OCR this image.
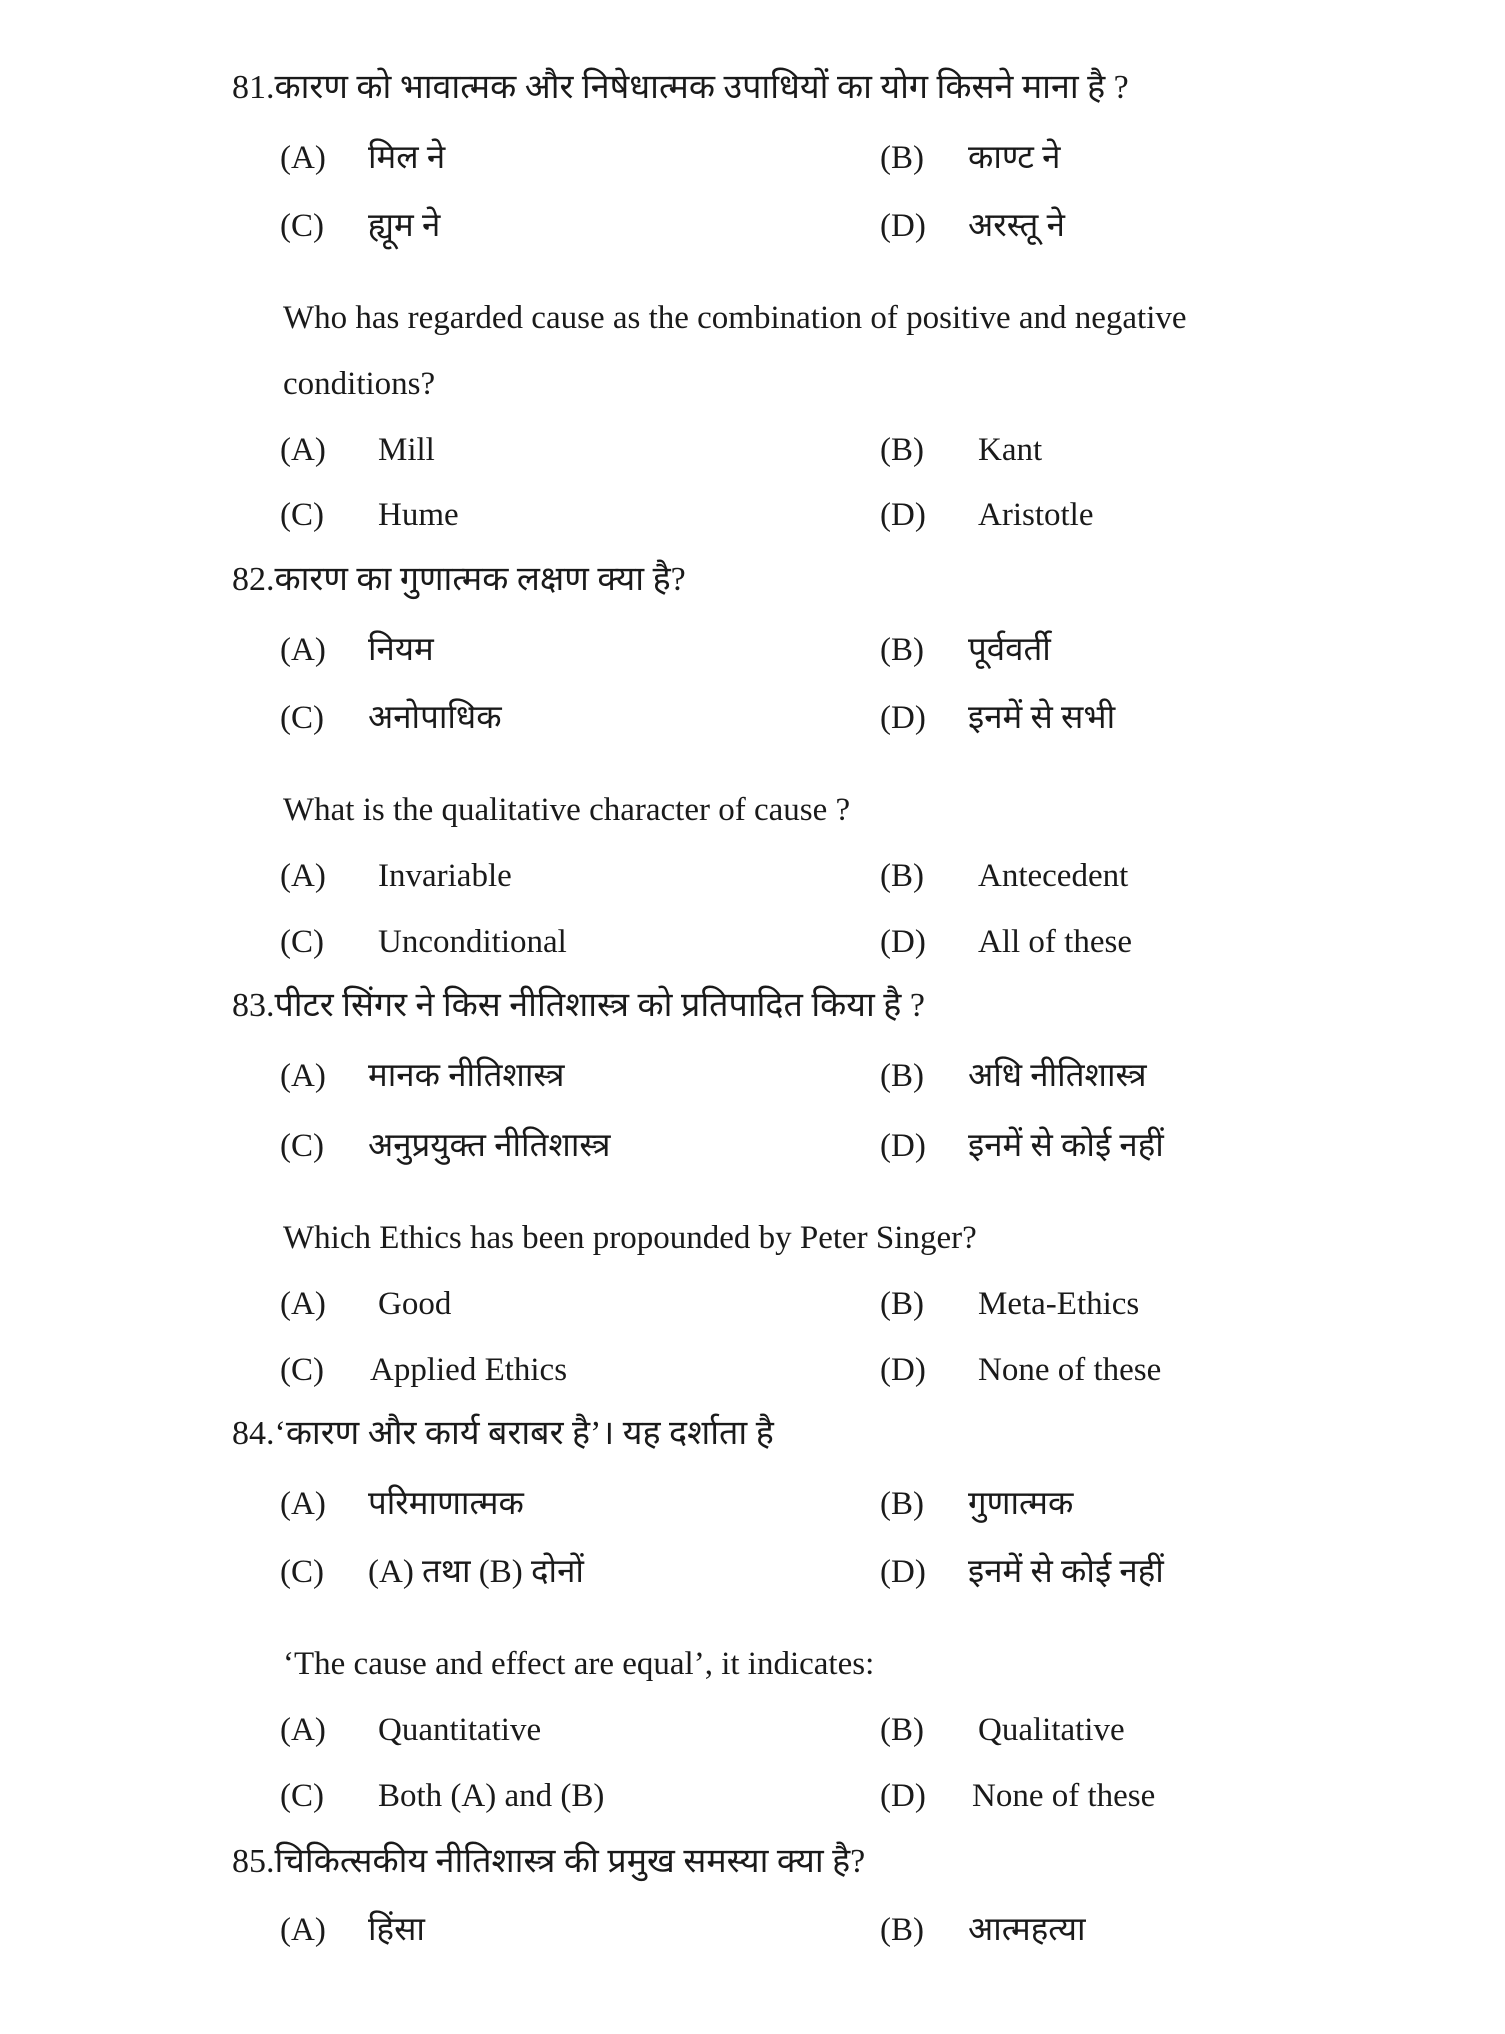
81.कारण को भावात्मक और निषेधात्मक उपाधियों का योग किसने माना है ?
(A) मिल ने	(B) काण्ट ने
(C) ह्यूम ने	(D) अरस्तू ने
Who has regarded cause as the combination of positive and negative
conditions?
(A) Mill	(B) Kant
(C) Hume	(D) Aristotle
82.कारण का गुणात्मक लक्षण क्या है?
(A) नियम	(B) पूर्ववर्ती
(C) अनोपाधिक	(D) इनमें से सभी
What is the qualitative character of cause ?
(A) Invariable	(B) Antecedent
(C) Unconditional	(D) All of these
83.पीटर सिंगर ने किस नीतिशास्त्र को प्रतिपादित किया है ?
(A) मानक नीतिशास्त्र	(B) अधि नीतिशास्त्र
(C) अनुप्रयुक्त नीतिशास्त्र	(D) इनमें से कोई नहीं
Which Ethics has been propounded by Peter Singer?
(A) Good	(B) Meta-Ethics
(C) Applied Ethics	(D) None of these
84.‘कारण और कार्य बराबर है’। यह दर्शाता है
(A) परिमाणात्मक	(B) गुणात्मक
(C) (A) तथा (B) दोनों	(D) इनमें से कोई नहीं
‘The cause and effect are equal’, it indicates:
(A) Quantitative	(B) Qualitative
(C) Both (A) and (B)	(D) None of these
85.चिकित्सकीय नीतिशास्त्र की प्रमुख समस्या क्या है?
(A) हिंसा	(B) आत्महत्या
